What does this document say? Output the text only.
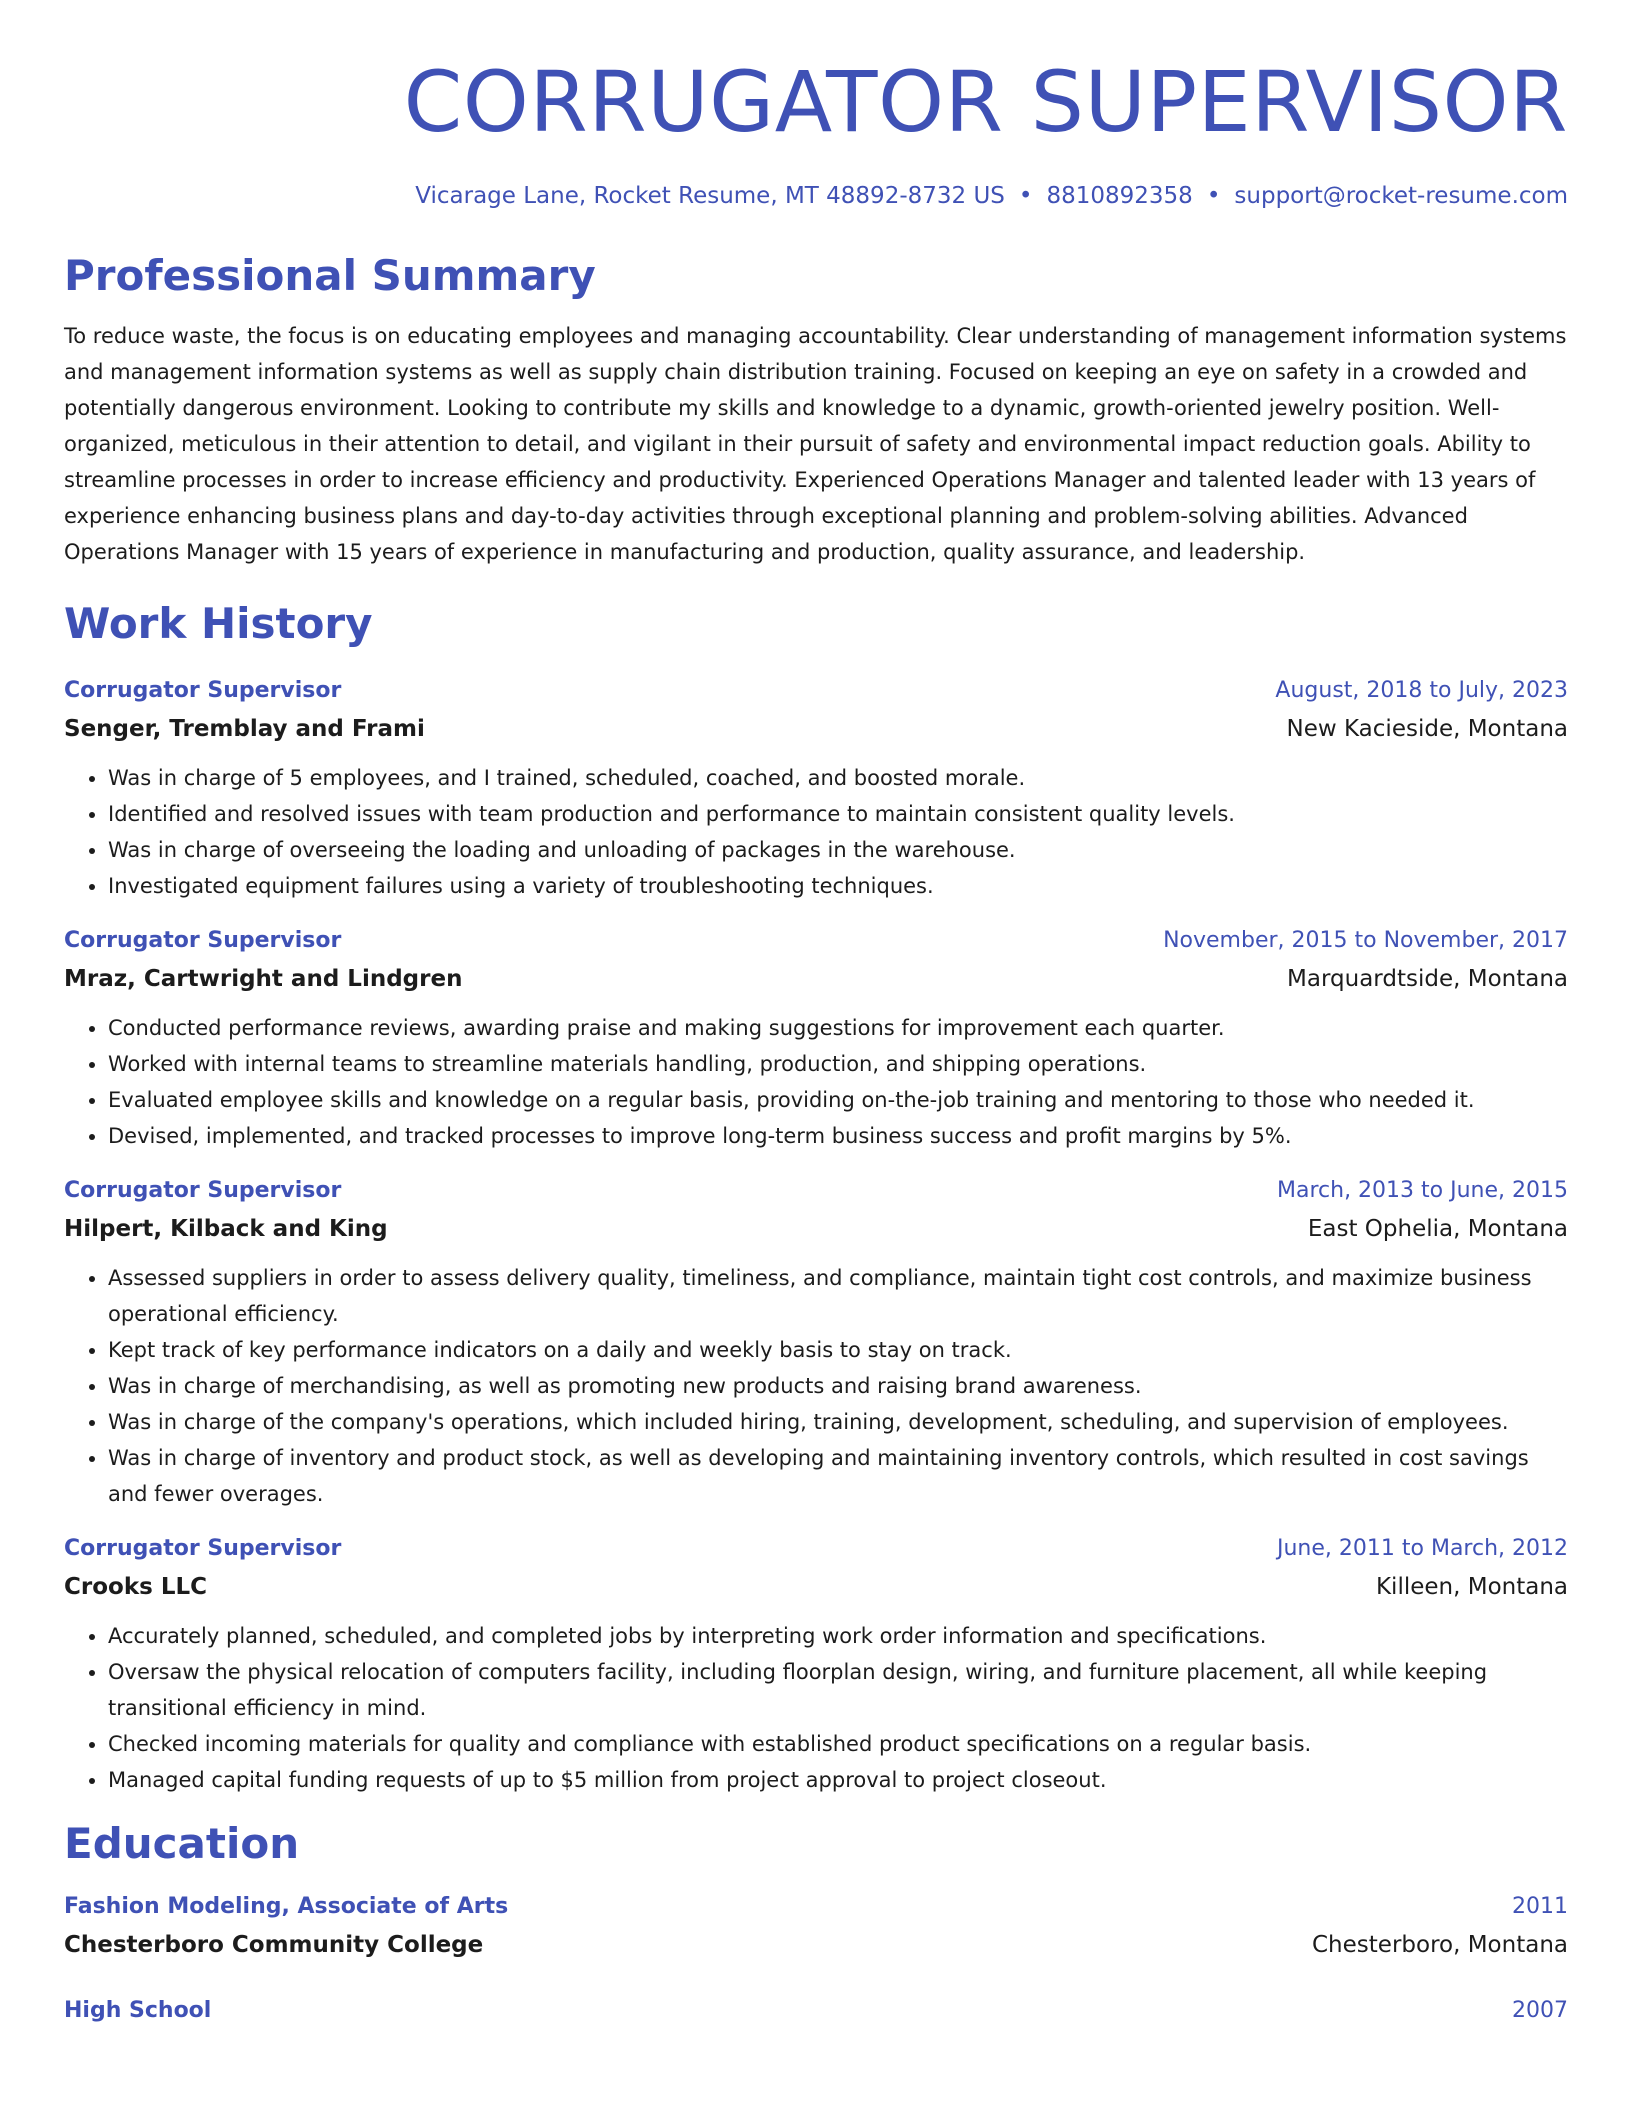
CORRUGATOR SUPERVISOR
Vicarage Lane, Rocket Resume, MT 48892-8732 US • 8810892358 • support@rocket-resume.com
Professional Summary
To reduce waste, the focus is on educating employees and managing accountability. Clear understanding of management information systems and management information systems as well as supply chain distribution training. Focused on keeping an eye on safety in a crowded and potentially dangerous environment. Looking to contribute my skills and knowledge to a dynamic, growth-oriented jewelry position. Well-organized, meticulous in their attention to detail, and vigilant in their pursuit of safety and environmental impact reduction goals. Ability to streamline processes in order to increase efficiency and productivity. Experienced Operations Manager and talented leader with 13 years of experience enhancing business plans and day-to-day activities through exceptional planning and problem-solving abilities. Advanced Operations Manager with 15 years of experience in manufacturing and production, quality assurance, and leadership.
Work History
Corrugator Supervisor	August, 2018 to July, 2023
Senger, Tremblay and Frami	New Kacieside, Montana
• Was in charge of 5 employees, and I trained, scheduled, coached, and boosted morale.
• Identified and resolved issues with team production and performance to maintain consistent quality levels.
• Was in charge of overseeing the loading and unloading of packages in the warehouse.
• Investigated equipment failures using a variety of troubleshooting techniques.
Corrugator Supervisor	November, 2015 to November, 2017
Mraz, Cartwright and Lindgren	Marquardtside, Montana
• Conducted performance reviews, awarding praise and making suggestions for improvement each quarter.
• Worked with internal teams to streamline materials handling, production, and shipping operations.
• Evaluated employee skills and knowledge on a regular basis, providing on-the-job training and mentoring to those who needed it.
• Devised, implemented, and tracked processes to improve long-term business success and profit margins by 5%.
Corrugator Supervisor	March, 2013 to June, 2015
Hilpert, Kilback and King	East Ophelia, Montana
• Assessed suppliers in order to assess delivery quality, timeliness, and compliance, maintain tight cost controls, and maximize business operational efficiency.
• Kept track of key performance indicators on a daily and weekly basis to stay on track.
• Was in charge of merchandising, as well as promoting new products and raising brand awareness.
• Was in charge of the company's operations, which included hiring, training, development, scheduling, and supervision of employees.
• Was in charge of inventory and product stock, as well as developing and maintaining inventory controls, which resulted in cost savings and fewer overages.
Corrugator Supervisor	June, 2011 to March, 2012
Crooks LLC	Killeen, Montana
• Accurately planned, scheduled, and completed jobs by interpreting work order information and specifications.
• Oversaw the physical relocation of computers facility, including floorplan design, wiring, and furniture placement, all while keeping transitional efficiency in mind.
• Checked incoming materials for quality and compliance with established product specifications on a regular basis.
• Managed capital funding requests of up to $5 million from project approval to project closeout.
Education
Fashion Modeling, Associate of Arts	2011
Chesterboro Community College	Chesterboro, Montana
High School	2007
